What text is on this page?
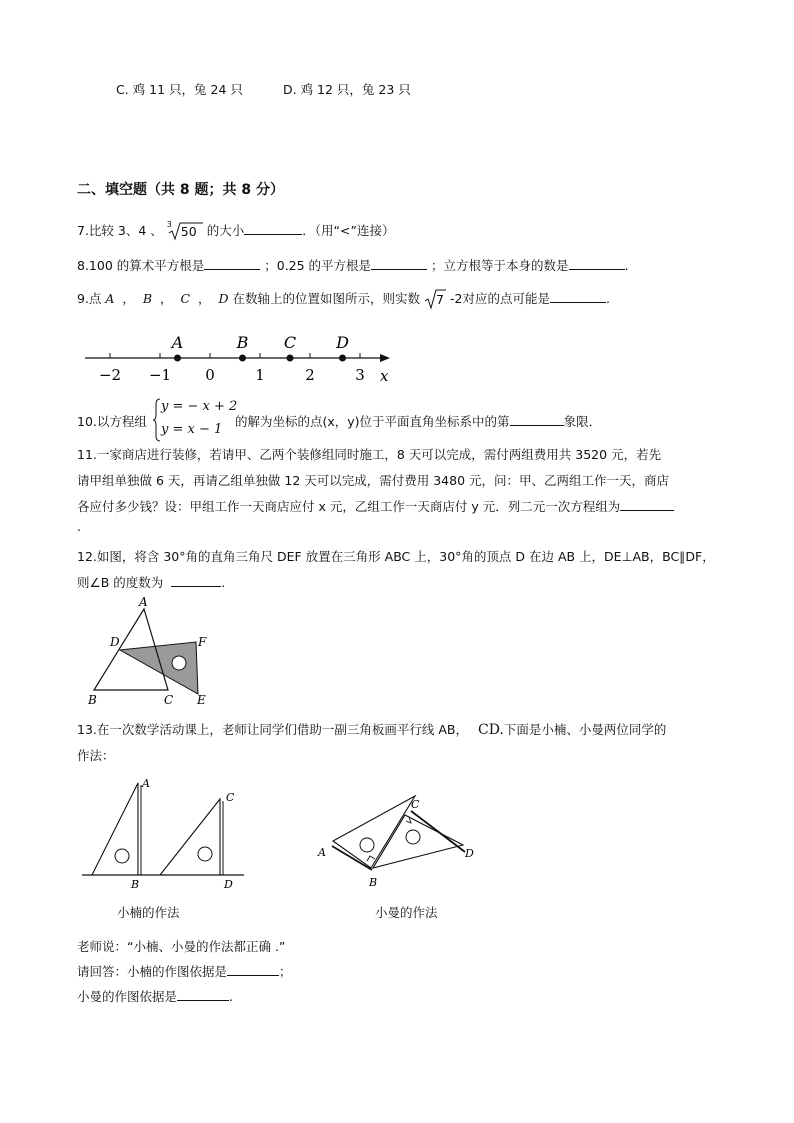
C. 鸡 11 只，兔 24 只	D. 鸡 12 只，兔 23 只
二、填空题（共 8 题；共 8 分）
7.比较 3、4 、 3 50 的大小	．（用“<”连接）
8.100 的算术平方根是	；0.25 的平方根是	；立方根等于本身的数是	.
9.点 A ， B ， C ， D 在数轴上的位置如图所示，则实数 7 -2对应的点可能是	.
−2 −1 0	1	2	3
A	B C D
x
10.以方程组
y = − x + 2
y = x − 1
的解为坐标的点(x，y)位于平面直角坐标系中的第	象限．
11.一家商店进行装修，若请甲、乙两个装修组同时施工，8 天可以完成，需付两组费用共 3520 元，若先
请甲组单独做 6 天，再请乙组单独做 12 天可以完成，需付费用 3480 元，问：甲、乙两组工作一天，商店
各应付多少钱？设：甲组工作一天商店应付 x 元，乙组工作一天商店付 y 元．列二元一次方程组为
.
12.如图，将含 30°角的直角三角尺 DEF 放置在三角形 ABC 上，30°角的顶点 D 在边 AB 上，DE⊥AB，BC∥DF，
则∠B 的度数为	.
A
D	F
B	C E
13.在一次数学活动课上，老师让同学们借助一副三角板画平行线 AB， CD.下面是小楠、小曼两位同学的
作法：
A
C
B	D
C
A
B
D
小楠的作法	小曼的作法
老师说：“小楠、小曼的作法都正确 .”
请回答：小楠的作图依据是	；
小曼的作图依据是	.
